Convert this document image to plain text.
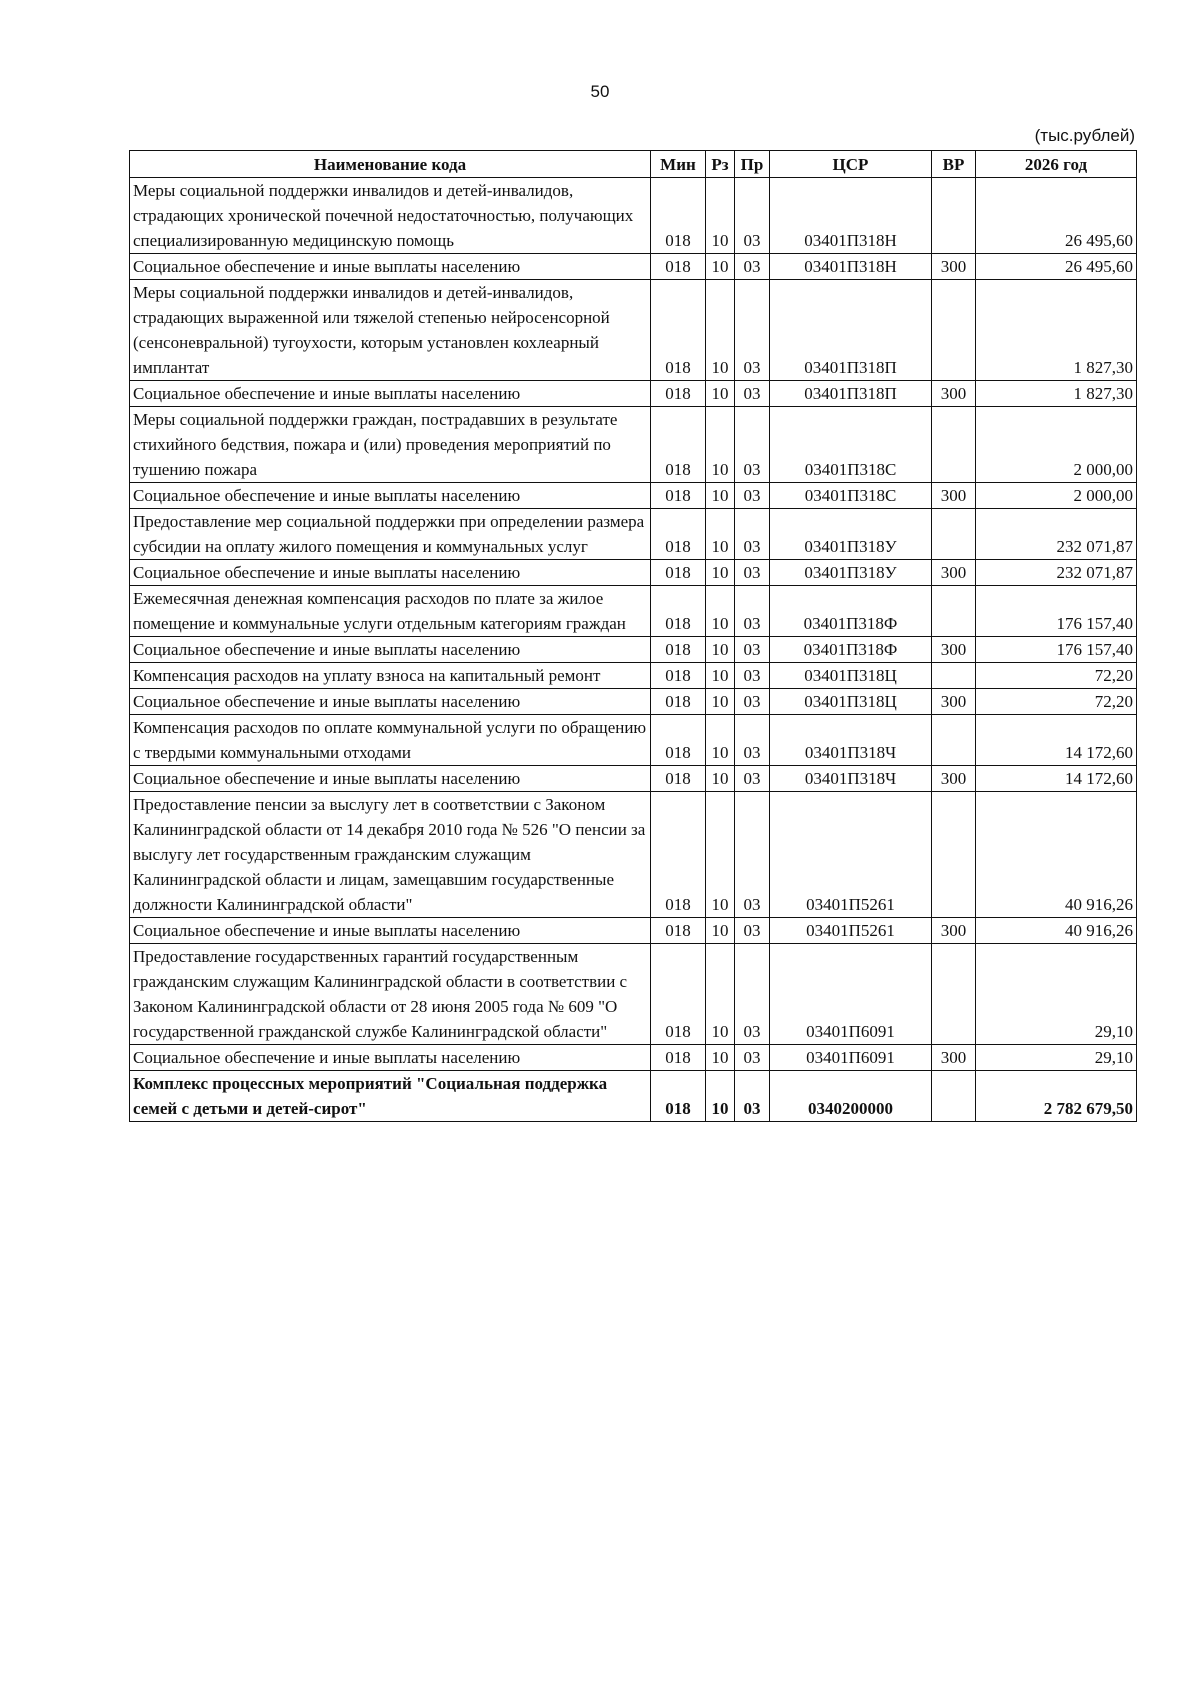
50
(тыс.рублей)
Наименование кода	Мин	Рз	Пр	ЦСР	ВР	2026 год
Меры социальной поддержки инвалидов и детей-инвалидов, страдающих хронической почечной недостаточностью, получающих специализированную медицинскую помощь	018	10	03	03401П318Н		26 495,60
Социальное обеспечение и иные выплаты населению	018	10	03	03401П318Н	300	26 495,60
Меры социальной поддержки инвалидов и детей-инвалидов, страдающих выраженной или тяжелой степенью нейросенсорной (сенсоневральной) тугоухости, которым установлен кохлеарный имплантат	018	10	03	03401П318П		1 827,30
Социальное обеспечение и иные выплаты населению	018	10	03	03401П318П	300	1 827,30
Меры социальной поддержки граждан, пострадавших в результате стихийного бедствия, пожара и (или) проведения мероприятий по тушению пожара	018	10	03	03401П318С		2 000,00
Социальное обеспечение и иные выплаты населению	018	10	03	03401П318С	300	2 000,00
Предоставление мер социальной поддержки при определении размера субсидии на оплату жилого помещения и коммунальных услуг	018	10	03	03401П318У		232 071,87
Социальное обеспечение и иные выплаты населению	018	10	03	03401П318У	300	232 071,87
Ежемесячная денежная компенсация расходов по плате за жилое помещение и коммунальные услуги отдельным категориям граждан	018	10	03	03401П318Ф		176 157,40
Социальное обеспечение и иные выплаты населению	018	10	03	03401П318Ф	300	176 157,40
Компенсация расходов на уплату взноса на капитальный ремонт	018	10	03	03401П318Ц		72,20
Социальное обеспечение и иные выплаты населению	018	10	03	03401П318Ц	300	72,20
Компенсация расходов по оплате коммунальной услуги по обращению с твердыми коммунальными отходами	018	10	03	03401П318Ч		14 172,60
Социальное обеспечение и иные выплаты населению	018	10	03	03401П318Ч	300	14 172,60
Предоставление пенсии за выслугу лет в соответствии с Законом Калининградской области от 14 декабря 2010 года № 526 "О пенсии за выслугу лет государственным гражданским служащим Калининградской области и лицам, замещавшим государственные должности Калининградской области"	018	10	03	03401П5261		40 916,26
Социальное обеспечение и иные выплаты населению	018	10	03	03401П5261	300	40 916,26
Предоставление государственных гарантий государственным гражданским служащим Калининградской области в соответствии с Законом Калининградской области от 28 июня 2005 года № 609 "О государственной гражданской службе Калининградской области"	018	10	03	03401П6091		29,10
Социальное обеспечение и иные выплаты населению	018	10	03	03401П6091	300	29,10
Комплекс процессных мероприятий "Социальная поддержка семей с детьми и детей-сирот"	018	10	03	0340200000		2 782 679,50
